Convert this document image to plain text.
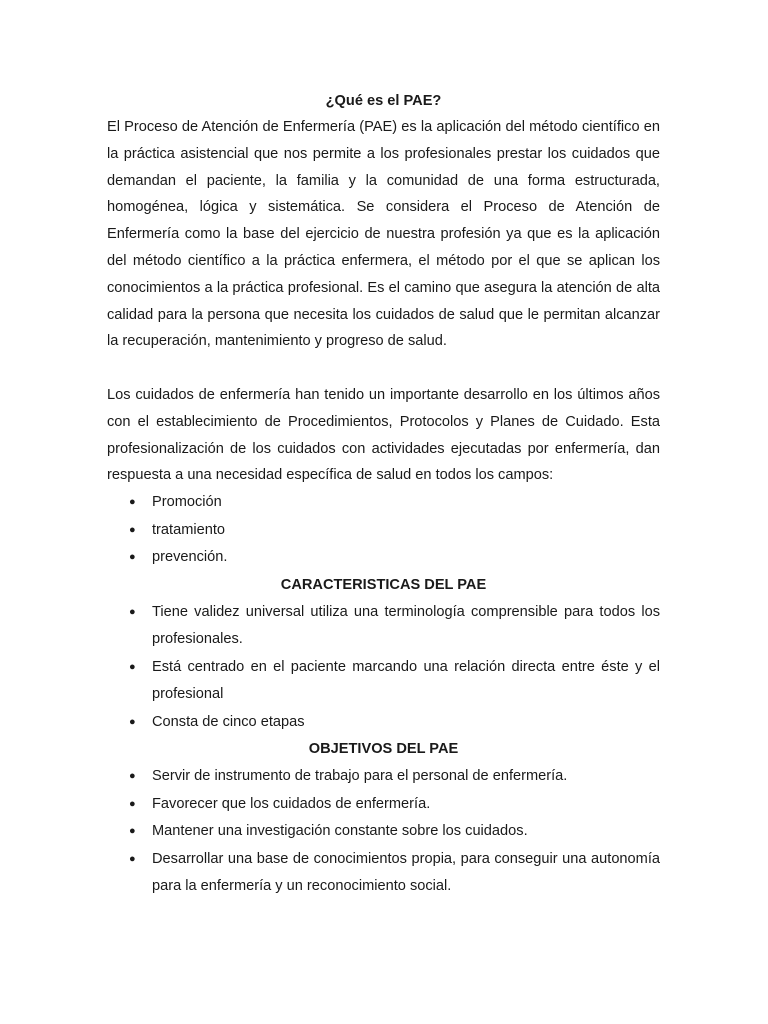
¿Qué es el PAE?

El Proceso de Atención de Enfermería (PAE) es la aplicación del método científico en la práctica asistencial que nos permite a los profesionales prestar los cuidados que demandan el paciente, la familia y la comunidad de una forma estructurada, homogénea, lógica y sistemática. Se considera el Proceso de Atención de Enfermería como la base del ejercicio de nuestra profesión ya que es la aplicación del método científico a la práctica enfermera, el método por el que se aplican los conocimientos a la práctica profesional. Es el camino que asegura la atención de alta calidad para la persona que necesita los cuidados de salud que le permitan alcanzar la recuperación, mantenimiento y progreso de salud.

Los cuidados de enfermería han tenido un importante desarrollo en los últimos años con el establecimiento de Procedimientos, Protocolos y Planes de Cuidado. Esta profesionalización de los cuidados con actividades ejecutadas por enfermería, dan respuesta a una necesidad específica de salud en todos los campos:

● Promoción
● tratamiento
● prevención.

CARACTERISTICAS DEL PAE

● Tiene validez universal utiliza una terminología comprensible para todos los profesionales.
● Está centrado en el paciente marcando una relación directa entre éste y el profesional
● Consta de cinco etapas

OBJETIVOS DEL PAE

● Servir de instrumento de trabajo para el personal de enfermería.
● Favorecer que los cuidados de enfermería.
● Mantener una investigación constante sobre los cuidados.
● Desarrollar una base de conocimientos propia, para conseguir una autonomía para la enfermería y un reconocimiento social.
